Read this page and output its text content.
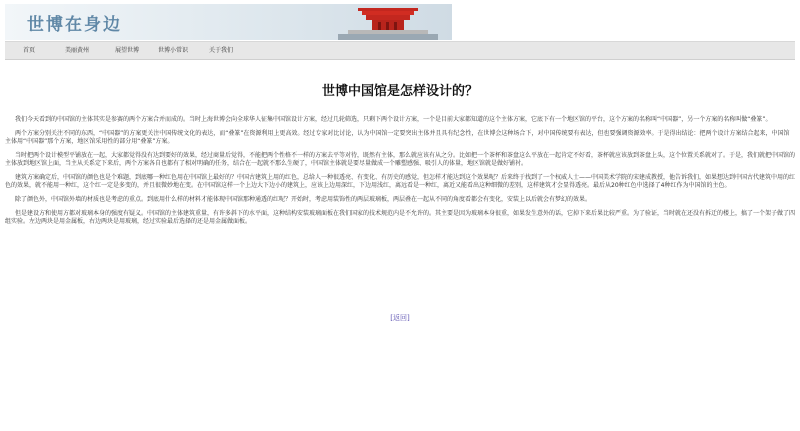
世博在身边
首页	美丽黄州	展望世博	世博小常识	关于我们
世博中国馆是怎样设计的？

我们今天看到的中国馆的主体其实是参赛的两个方案合并而成的。当时上海世博会向全球华人征集中国馆设计方案，经过几轮筛选，只剩下两个设计方案，一个是目前大家都知道的这个主体方案，它底下有一个地区馆的平台，这个方案的名称叫“中国器”，另一个方案的名称叫做“叠篆”。

两个方案分别关注不同的东西，“中国器”的方案更关注中国传统文化的表达，而“叠篆”在资源利用上更高效。经过专家对比讨论，认为中国馆一定要突出主体并且具有纪念性，在世博会这种场合下，对中国传统要有表达，但也要强调资源效率。于是得出结论：把两个设计方案结合起来，中国馆主体用“中国器”那个方案，地区馆采用性的部分用“叠篆”方案。

当时把两个设计模型平铺放在一起，大家都觉得没有达到要好的效果，经过商量后觉得，不能把两个性格不一样的方案去平等对待，既然有主体，那么就应该有从之分。比如把一个茶杯和茶盘这么平放在一起肯定不好看，茶杯就应该放到茶盘上头，这个位置关系就对了。于是，我们就把中国馆的主体放到地区馆上面，当主从关系定下来后，两个方案各自也都有了相对明确的任务，结合在一起就不那么生硬了，中国馆主体就是要尽量做成一个雕塑感强、吸引人的体量，地区馆就是做好铺衬。

建筑方案确定后，中国馆的颜色也是个难题，到底哪一种红色用在中国馆上最好的？中国古建筑上用的红色，总给人一种很透亮、有变化、有历史的感觉，但怎样才能达到这个效果呢？后来终于找到了一个权威人士——中国美术学院的宋建成教授，他告诉我们，如果想达到中国古代建筑中用的红色的效果，就不能用一种红，这个红一定是多变的，并且很微妙地在变。在中国馆这样一个上边大下边小的建筑上，应该上边用深红，下边用浅红，离远看是一种红，离近又能看出这种细微的差别，这样建筑才会显得透亮。最后从20种红色中选择了4种红作为中国馆的主色。

除了颜色外，中国馆外墙的材质也是考虑的重点。到底用什么样的材料才能体现中国馆那种通透的红呢？开始时，考虑用装饰性的两层玻璃板，两层叠在一起从不同的角度看都会有变化，安装上以后就会有梦幻的效果。

但是建设方和使用方都对玻璃本身的强度有疑义。中国馆的主体建筑重量，有许多斜下的水平面，这种结构安装玻璃面板在我们国家的技术规范内是不允许的。其主要是因为玻璃本身很重，如果发生意外的话，它掉下来后果比较严重。为了验证，当时就在还没有拆迁的楼上，搞了一个架子做了四组实验。左边两块是用金属板，右边两块是用玻璃，经过实验最后选择的还是用金属做面板。

[返回]
